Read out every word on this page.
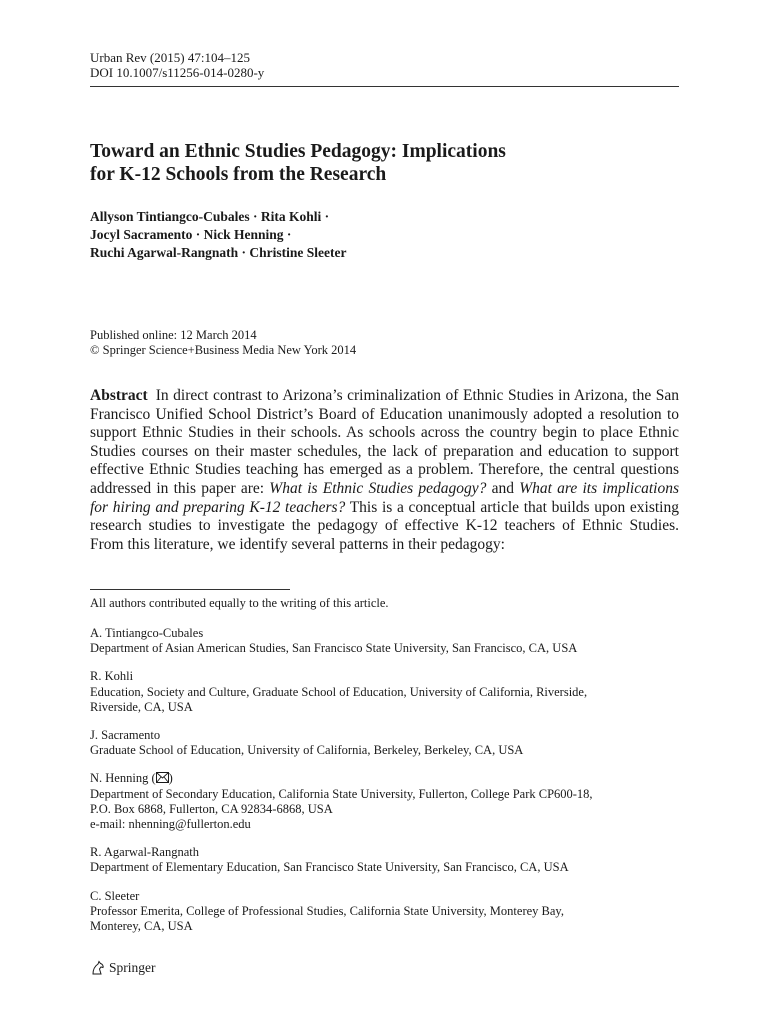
Urban Rev (2015) 47:104–125
DOI 10.1007/s11256-014-0280-y
Toward an Ethnic Studies Pedagogy: Implications
for K-12 Schools from the Research
Allyson Tintiangco-Cubales · Rita Kohli ·
Jocyl Sacramento · Nick Henning ·
Ruchi Agarwal-Rangnath · Christine Sleeter
Published online: 12 March 2014
© Springer Science+Business Media New York 2014
Abstract In direct contrast to Arizona’s criminalization of Ethnic Studies in Arizona, the San Francisco Unified School District’s Board of Education unanimously adopted a resolution to support Ethnic Studies in their schools. As schools across the country begin to place Ethnic Studies courses on their master schedules, the lack of preparation and education to support effective Ethnic Studies teaching has emerged as a problem. Therefore, the central questions addressed in this paper are: What is Ethnic Studies pedagogy? and What are its implications for hiring and preparing K-12 teachers? This is a conceptual article that builds upon existing research studies to investigate the pedagogy of effective K-12 teachers of Ethnic Studies. From this literature, we identify several patterns in their pedagogy:
All authors contributed equally to the writing of this article.
A. Tintiangco-Cubales
Department of Asian American Studies, San Francisco State University, San Francisco, CA, USA
R. Kohli
Education, Society and Culture, Graduate School of Education, University of California, Riverside,
Riverside, CA, USA
J. Sacramento
Graduate School of Education, University of California, Berkeley, Berkeley, CA, USA
N. Henning ( )
Department of Secondary Education, California State University, Fullerton, College Park CP600-18,
P.O. Box 6868, Fullerton, CA 92834-6868, USA
e-mail: nhenning@fullerton.edu
R. Agarwal-Rangnath
Department of Elementary Education, San Francisco State University, San Francisco, CA, USA
C. Sleeter
Professor Emerita, College of Professional Studies, California State University, Monterey Bay,
Monterey, CA, USA
Springer
